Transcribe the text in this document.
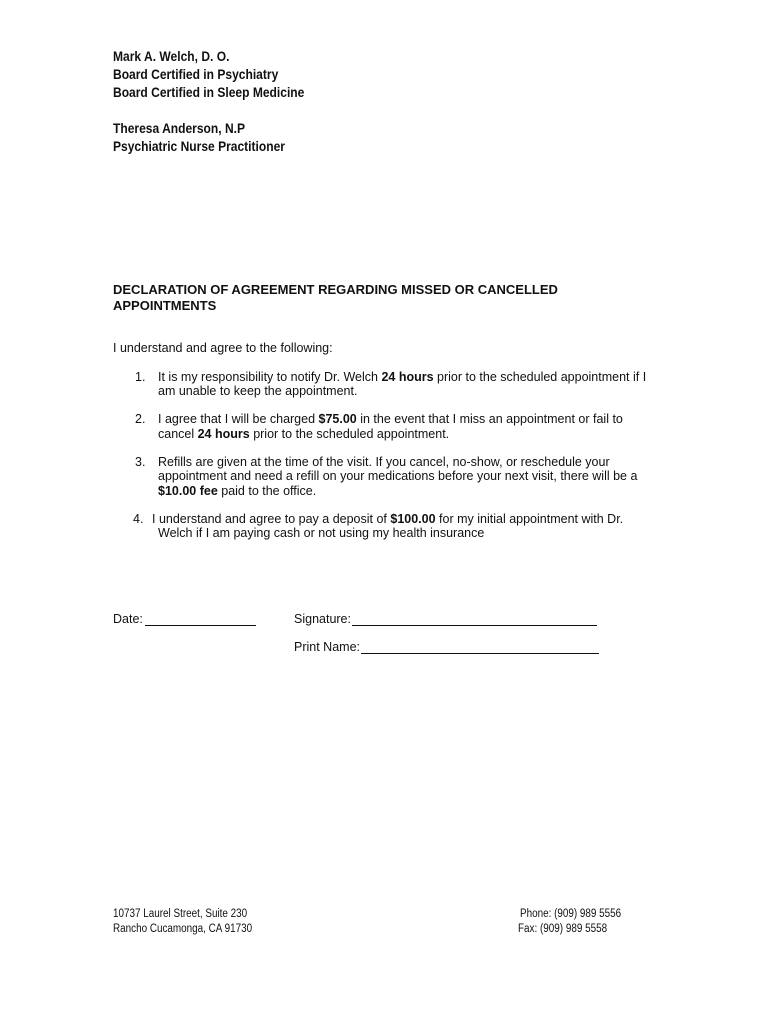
Mark A. Welch, D. O.
Board Certified in Psychiatry
Board Certified in Sleep Medicine
Theresa Anderson, N.P
Psychiatric Nurse Practitioner
DECLARATION OF AGREEMENT REGARDING MISSED OR CANCELLED
APPOINTMENTS
I understand and agree to the following:
1. It is my responsibility to notify Dr. Welch 24 hours prior to the scheduled appointment if I
am unable to keep the appointment.
2. I agree that I will be charged $75.00 in the event that I miss an appointment or fail to
cancel 24 hours prior to the scheduled appointment.
3. Refills are given at the time of the visit. If you cancel, no-show, or reschedule your
appointment and need a refill on your medications before your next visit, there will be a
$10.00 fee paid to the office.
4. I understand and agree to pay a deposit of $100.00 for my initial appointment with Dr.
Welch if I am paying cash or not using my health insurance
Date:	Signature:
Print Name:
10737 Laurel Street, Suite 230
Rancho Cucamonga, CA 91730
Phone: (909) 989 5556
Fax: (909) 989 5558
